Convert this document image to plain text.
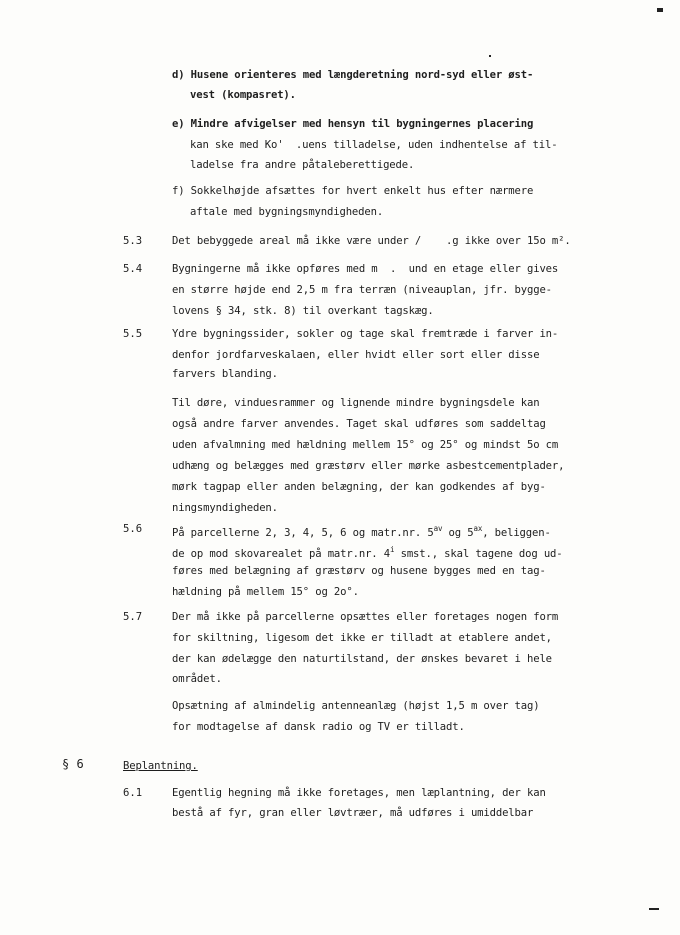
d) Husene orienteres med længderetning nord-syd eller øst-
vest (kompasret).
e) Mindre afvigelser med hensyn til bygningernes placering
kan ske med Ko'  .uens tilladelse, uden indhentelse af til-
ladelse fra andre påtaleberettigede.
f) Sokkelhøjde afsættes for hvert enkelt hus efter nærmere
aftale med bygningsmyndigheden.
5.3	Det bebyggede areal må ikke være under /    .g ikke over 15o m².
5.4	Bygningerne må ikke opføres med m  .  und en etage eller gives
en større højde end 2,5 m fra terræn (niveauplan, jfr. bygge-
lovens § 34, stk. 8) til overkant tagskæg.
5.5	Ydre bygningssider, sokler og tage skal fremtræde i farver in-
denfor jordfarveskalaen, eller hvidt eller sort eller disse
farvers blanding.
Til døre, vinduesrammer og lignende mindre bygningsdele kan
også andre farver anvendes. Taget skal udføres som saddeltag
uden afvalmning med hældning mellem 15° og 25° og mindst 5o cm
udhæng og belægges med græstørv eller mørke asbestcementplader,
mørk tagpap eller anden belægning, der kan godkendes af byg-
ningsmyndigheden.
5.6	På parcellerne 2, 3, 4, 5, 6 og matr.nr. $5^{av}$ og $5^{ax}$, beliggen-
de op mod skovarealet på matr.nr. 4$^i$ smst., skal tagene dog ud-
føres med belægning af græstørv og husene bygges med en tag-
hældning på mellem 15° og 2o°.
5.7	Der må ikke på parcellerne opsættes eller foretages nogen form
for skiltning, ligesom det ikke er tilladt at etablere andet,
der kan ødelægge den naturtilstand, der ønskes bevaret i hele
området.
Opsætning af almindelig antenneanlæg (højst 1,5 m over tag)
for modtagelse af dansk radio og TV er tilladt.
§ 6	Beplantning.
6.1	Egentlig hegning må ikke foretages, men læplantning, der kan
bestå af fyr, gran eller løvtræer, må udføres i umiddelbar
